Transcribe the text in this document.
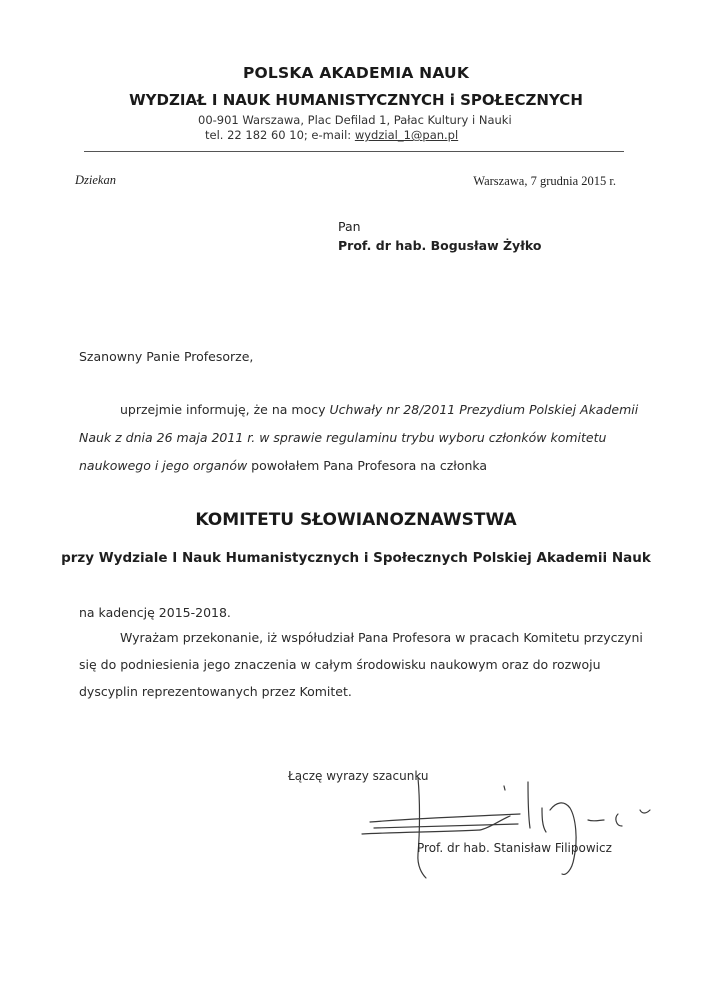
POLSKA AKADEMIA NAUK

WYDZIAŁ I NAUK HUMANISTYCZNYCH i SPOŁECZNYCH

00-901 Warszawa, Plac Defilad 1, Pałac Kultury i Nauki

tel. 22 182 60 10; e-mail: wydzial_1@pan.pl

Dziekan	Warszawa, 7 grudnia 2015 r.

Pan

Prof. dr hab. Bogusław Żyłko

Szanowny Panie Profesorze,

uprzejmie informuję, że na mocy Uchwały nr 28/2011 Prezydium Polskiej Akademii

Nauk z dnia 26 maja 2011 r. w sprawie regulaminu trybu wyboru członków komitetu

naukowego i jego organów powołałem Pana Profesora na członka

KOMITETU SŁOWIANOZNAWSTWA

przy Wydziale I Nauk Humanistycznych i Społecznych Polskiej Akademii Nauk

na kadencję 2015-2018.

Wyrażam przekonanie, iż współudział Pana Profesora w pracach Komitetu przyczyni

się do podniesienia jego znaczenia w całym środowisku naukowym oraz do rozwoju

dyscyplin reprezentowanych przez Komitet.

Łączę wyrazy szacunku

Prof. dr hab. Stanisław Filipowicz
